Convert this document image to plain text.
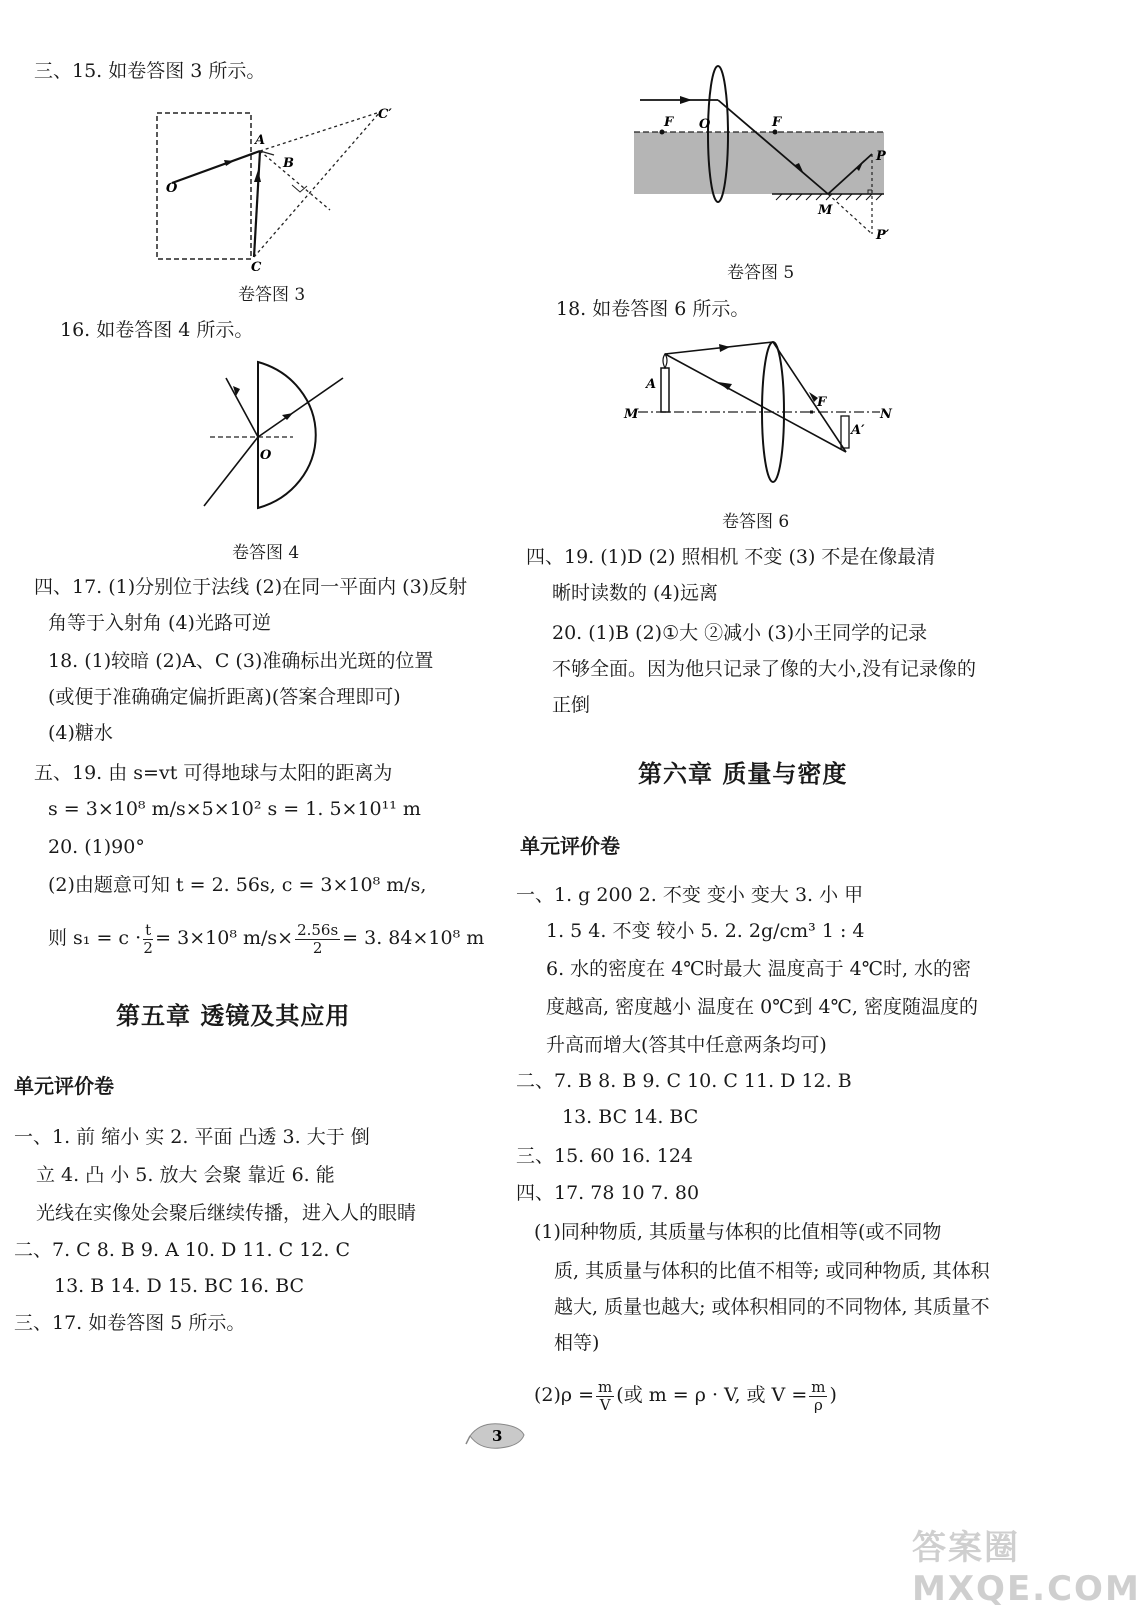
三、15. 如卷答图 3 所示。
O
A
B
C
C′
卷答图 3
16. 如卷答图 4 所示。
O
卷答图 4
四、17. (1)分别位于法线 (2)在同一平面内 (3)反射
角等于入射角 (4)光路可逆
18. (1)较暗 (2)A、C (3)准确标出光斑的位置
(或便于准确确定偏折距离)(答案合理即可)
(4)糖水
五、19. 由 s=vt 可得地球与太阳的距离为
s = 3×10⁸ m/s×5×10² s = 1. 5×10¹¹ m
20. (1)90°
(2)由题意可知 t = 2. 56s, c = 3×10⁸ m/s,
则 $s_1 = c \cdot \frac{t}{2} = 3\times 10^8$ $m/s\times \frac{2.56s}{2} = 3$. 84×10⁸ m
第五章 透镜及其应用
单元评价卷
一、1. 前 缩小 实 2. 平面 凸透 3. 大于 倒
立 4. 凸 小 5. 放大 会聚 靠近 6. 能
光线在实像处会聚后继续传播，进入人的眼睛
二、7. C 8. B 9. A 10. D 11. C 12. C
13. B 14. D 15. BC 16. BC
三、17. 如卷答图 5 所示。
F O	F
M
P
P′
卷答图 5
18. 如卷答图 6 所示。
A
M
F
A′
N
卷答图 6
四、19. (1)D (2) 照相机 不变 (3) 不是在像最清
晰时读数的 (4)远离
20. (1)B (2)①大 ②减小 (3)小王同学的记录
不够全面。因为他只记录了像的大小,没有记录像的
正倒
第六章 质量与密度
单元评价卷
一、1. g 200 2. 不变 变小 变大 3. 小 甲
1. 5 4. 不变 较小 5. 2. 2g/cm³ 1 : 4
6. 水的密度在 4℃时最大 温度高于 4℃时, 水的密
度越高, 密度越小 温度在 0℃到 4℃, 密度随温度的
升高而增大(答其中任意两条均可)
二、7. B 8. B 9. C 10. C 11. D 12. B
13. BC 14. BC
三、15. 60 16. 124
四、17. 78 10 7. 80
(1)同种物质, 其质量与体积的比值相等(或不同物
质, 其质量与体积的比值不相等; 或同种物质, 其体积
越大, 质量也越大; 或体积相同的不同物体, 其质量不
相等)
$(2)\rho = \frac{m}{V}$ (或 m = ρ · V, 或 $V = \frac{m}{\rho}$ )
3
答案圈 MXQE.COM
